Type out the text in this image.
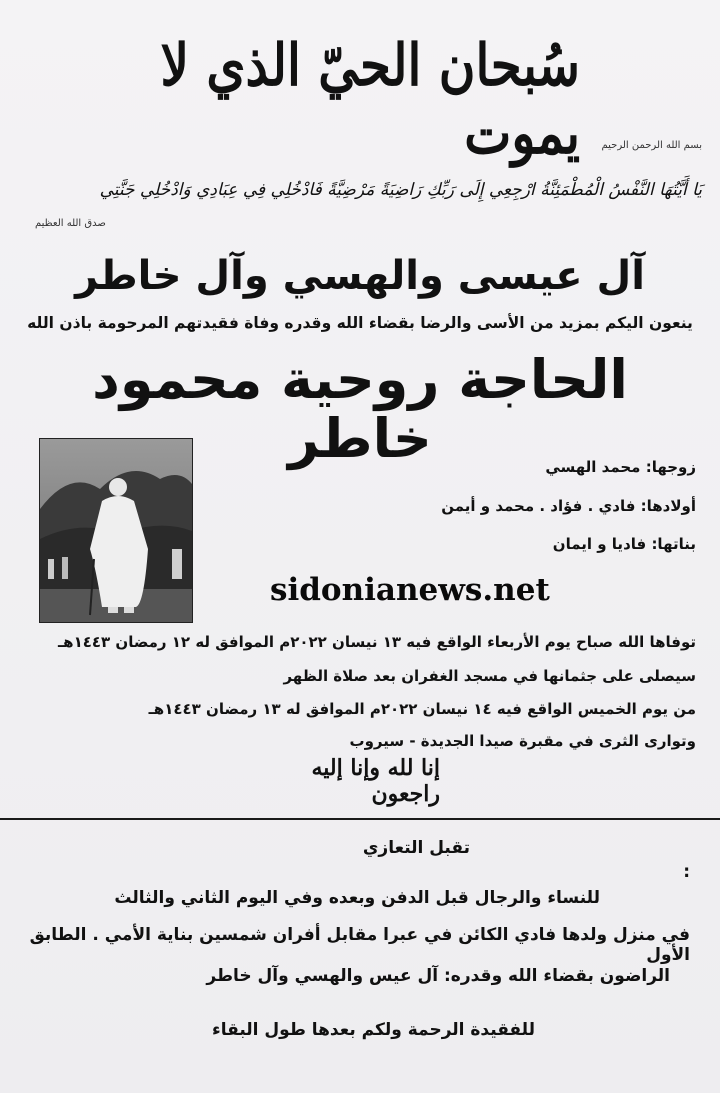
سُبحان الحيّ الذي لا يموت بسم الله الرحمن الرحيم
يَا أَيَّتُهَا النَّفْسُ الْمُطْمَئِنَّةُ ارْجِعِي إِلَى رَبِّكِ رَاضِيَةً مَرْضِيَّةً فَادْخُلِي فِي عِبَادِي وَادْخُلِي جَنَّتِي
صدق الله العظيم
آل عيسى والهسي وآل خاطر
ينعون اليكم بمزيد من الأسى والرضا بقضاء الله وقدره وفاة فقيدتهم المرحومة باذن الله
الحاجة روحية محمود خاطر	زوجها: محمد الهسي
أولادها: فادي . فؤاد . محمد و أيمن
بناتها: فاديا و ايمان
sidonianews.net
توفاها الله صباح يوم الأربعاء الواقع فيه ١٣ نيسان ٢٠٢٢م الموافق له ١٢ رمضان ١٤٤٣هـ
سيصلى على جثمانها في مسجد الغفران بعد صلاة الظهر
من يوم الخميس الواقع فيه ١٤ نيسان ٢٠٢٢م الموافق له ١٣ رمضان ١٤٤٣هـ
وتوارى الثرى في مقبرة صيدا الجديدة - سيروب
إنا لله وإنا إليه راجعون
تقبل التعازي
:
للنساء والرجال قبل الدفن وبعده وفي اليوم الثاني والثالث
في منزل ولدها فادي الكائن في عبرا مقابل أفران شمسين بناية الأمي . الطابق الأول
الراضون بقضاء الله وقدره: آل عيس والهسي وآل خاطر
للفقيدة الرحمة ولكم بعدها طول البقاء
